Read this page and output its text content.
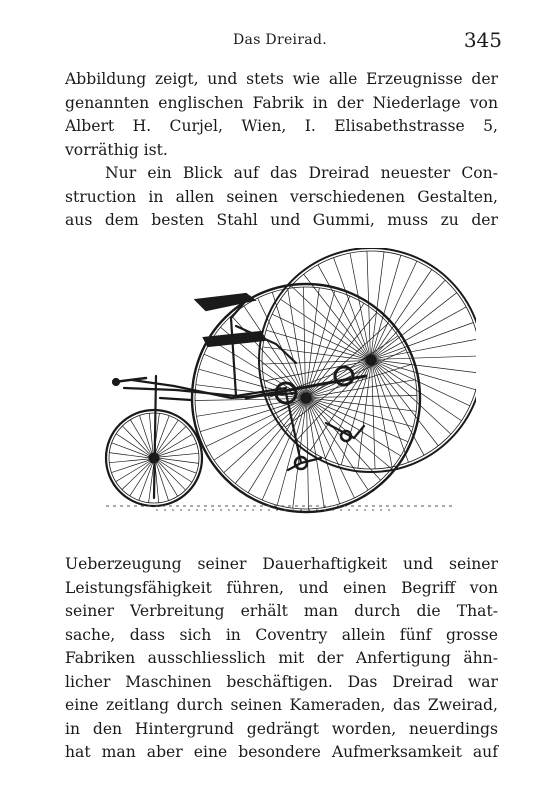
Das Dreirad.	345
Abbildung zeigt, und stets wie alle Erzeugnisse der
genannten englischen Fabrik in der Niederlage von
Albert H. Curjel, Wien, I. Elisabethstrasse 5,
vorräthig ist.
Nur ein Blick auf das Dreirad neuester Con-
struction in allen seinen verschiedenen Gestalten,
aus dem besten Stahl und Gummi, muss zu der
Ueberzeugung seiner Dauerhaftigkeit und seiner
Leistungsfähigkeit führen, und einen Begriff von
seiner Verbreitung erhält man durch die That-
sache, dass sich in Coventry allein fünf grosse
Fabriken ausschliesslich mit der Anfertigung ähn-
licher Maschinen beschäftigen. Das Dreirad war
eine zeitlang durch seinen Kameraden, das Zweirad,
in den Hintergrund gedrängt worden, neuerdings
hat man aber eine besondere Aufmerksamkeit auf
